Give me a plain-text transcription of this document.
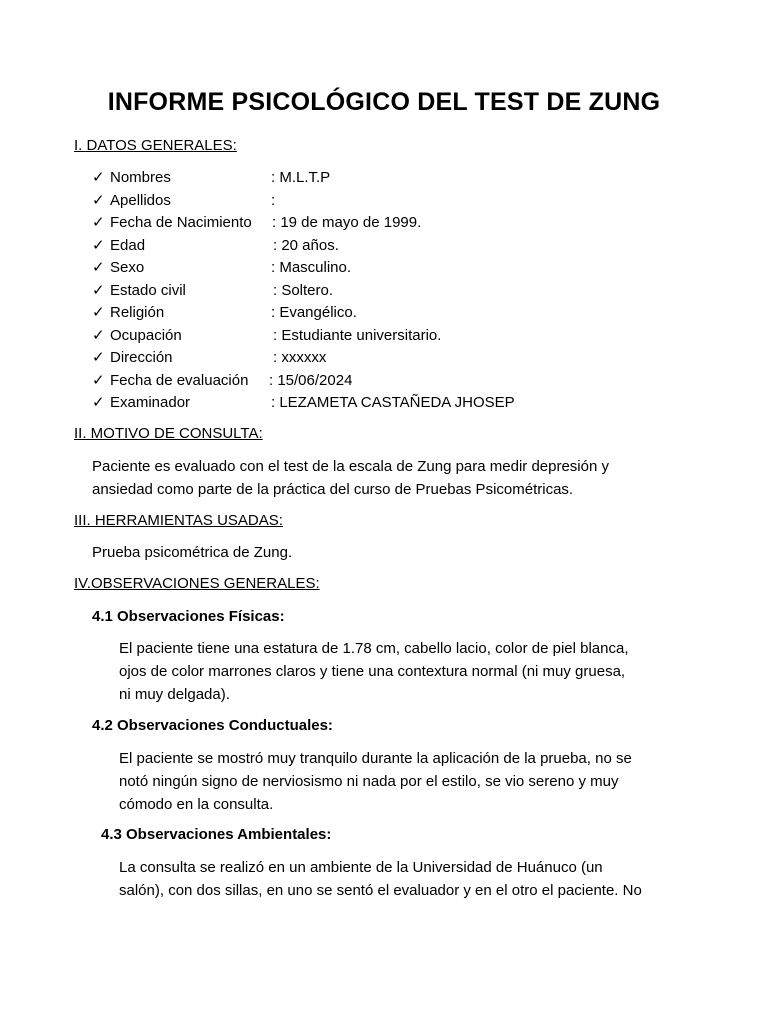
INFORME PSICOLÓGICO DEL TEST DE ZUNG
I. DATOS GENERALES:
✓ Nombres	: M.L.T.P
✓ Apellidos	:
✓ Fecha de Nacimiento : 19 de mayo de 1999.
✓ Edad	: 20 años.
✓ Sexo	: Masculino.
✓ Estado civil	: Soltero.
✓ Religión	: Evangélico.
✓ Ocupación	: Estudiante universitario.
✓ Dirección	: xxxxxx
✓ Fecha de evaluación : 15/06/2024
✓ Examinador	: LEZAMETA CASTAÑEDA JHOSEP
II. MOTIVO DE CONSULTA:
Paciente es evaluado con el test de la escala de Zung para medir depresión y
ansiedad como parte de la práctica del curso de Pruebas Psicométricas.
III. HERRAMIENTAS USADAS:
Prueba psicométrica de Zung.
IV.OBSERVACIONES GENERALES:
4.1 Observaciones Físicas:
El paciente tiene una estatura de 1.78 cm, cabello lacio, color de piel blanca,
ojos de color marrones claros y tiene una contextura normal (ni muy gruesa,
ni muy delgada).
4.2 Observaciones Conductuales:
El paciente se mostró muy tranquilo durante la aplicación de la prueba, no se
notó ningún signo de nerviosismo ni nada por el estilo, se vio sereno y muy
cómodo en la consulta.
4.3 Observaciones Ambientales:
La consulta se realizó en un ambiente de la Universidad de Huánuco (un
salón), con dos sillas, en uno se sentó el evaluador y en el otro el paciente. No
